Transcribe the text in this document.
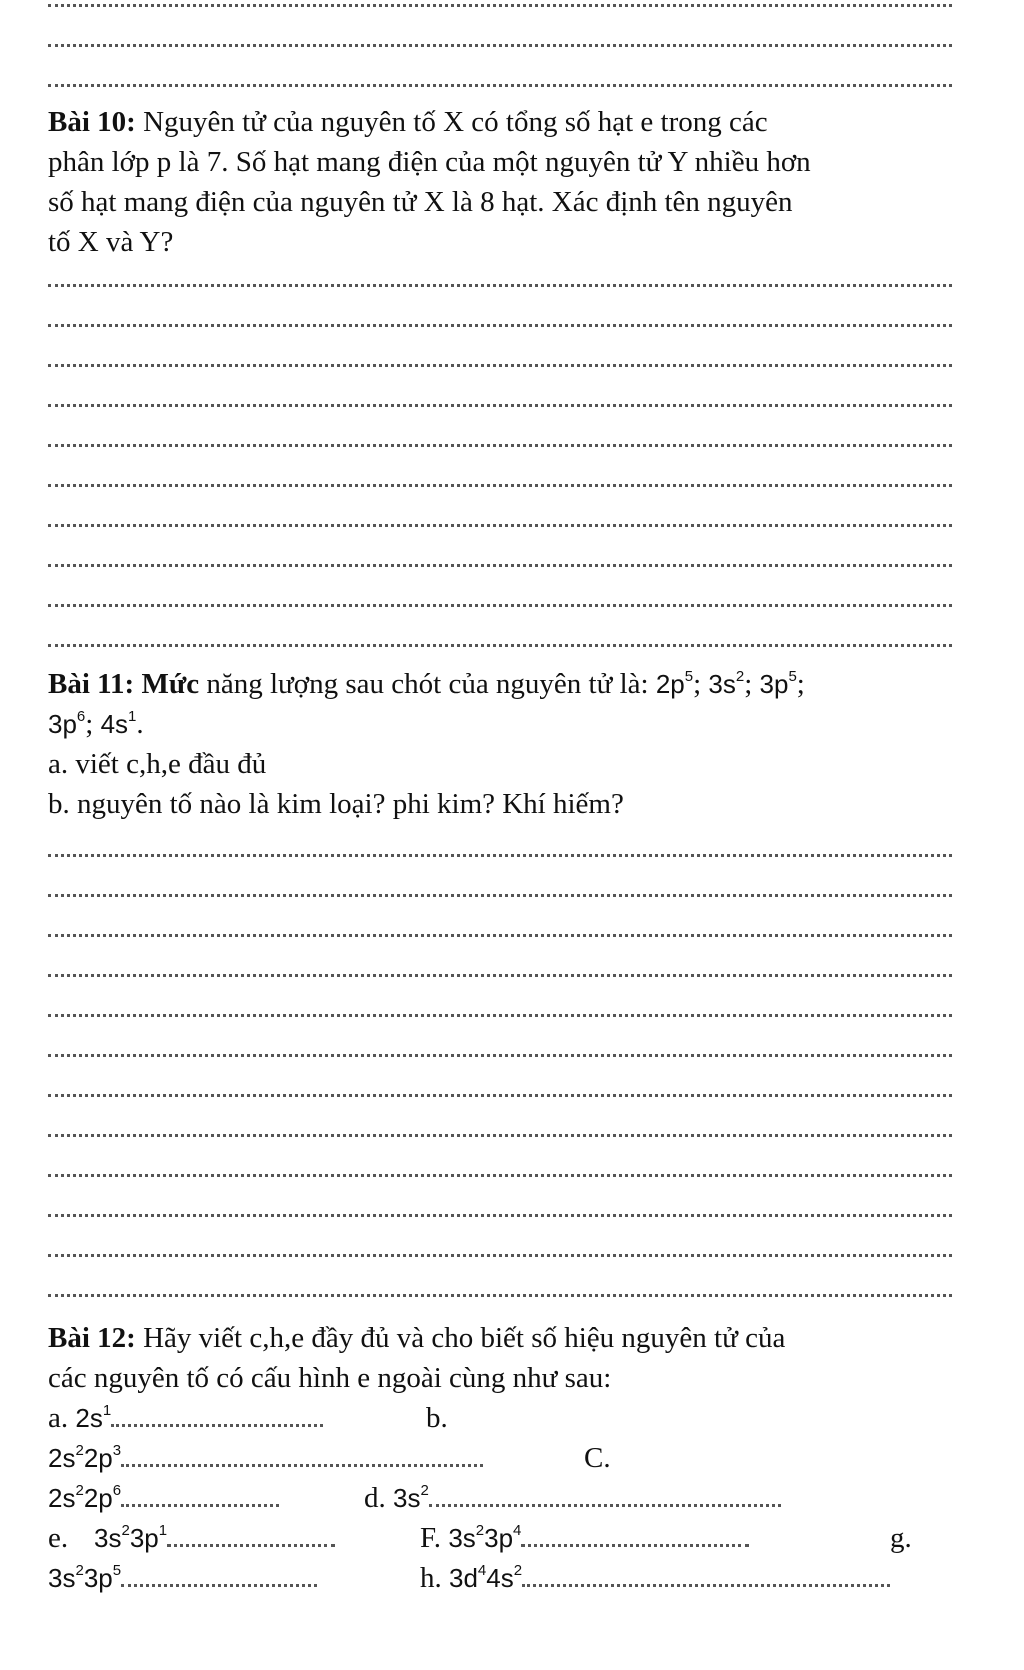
Bài 10: Nguyên tử của nguyên tố X có tổng số hạt e trong các
phân lớp p là 7. Số hạt mang điện của một nguyên tử Y nhiều hơn
số hạt mang điện của nguyên tử X là 8 hạt. Xác định tên nguyên
tố X và Y?
Bài 11: Mức năng lượng sau chót của nguyên tử là: $2p^5$; $3s^2$; $3p^5$;
$3p^6$; $4s^1$.
a. viết c,h,e đầu đủ
b. nguyên tố nào là kim loại? phi kim? Khí hiếm?
Bài 12: Hãy viết c,h,e đầy đủ và cho biết số hiệu nguyên tử của
các nguyên tố có cấu hình e ngoài cùng như sau:
a. $2s^1$	b.
$2s^22p^3$	C.
$2s^22p^6$	d. $3s^2$
e. $3s^23p^1$	F. $3s^23p^4$	g.
$3s^23p^5$	h. $3d^44s^2$
